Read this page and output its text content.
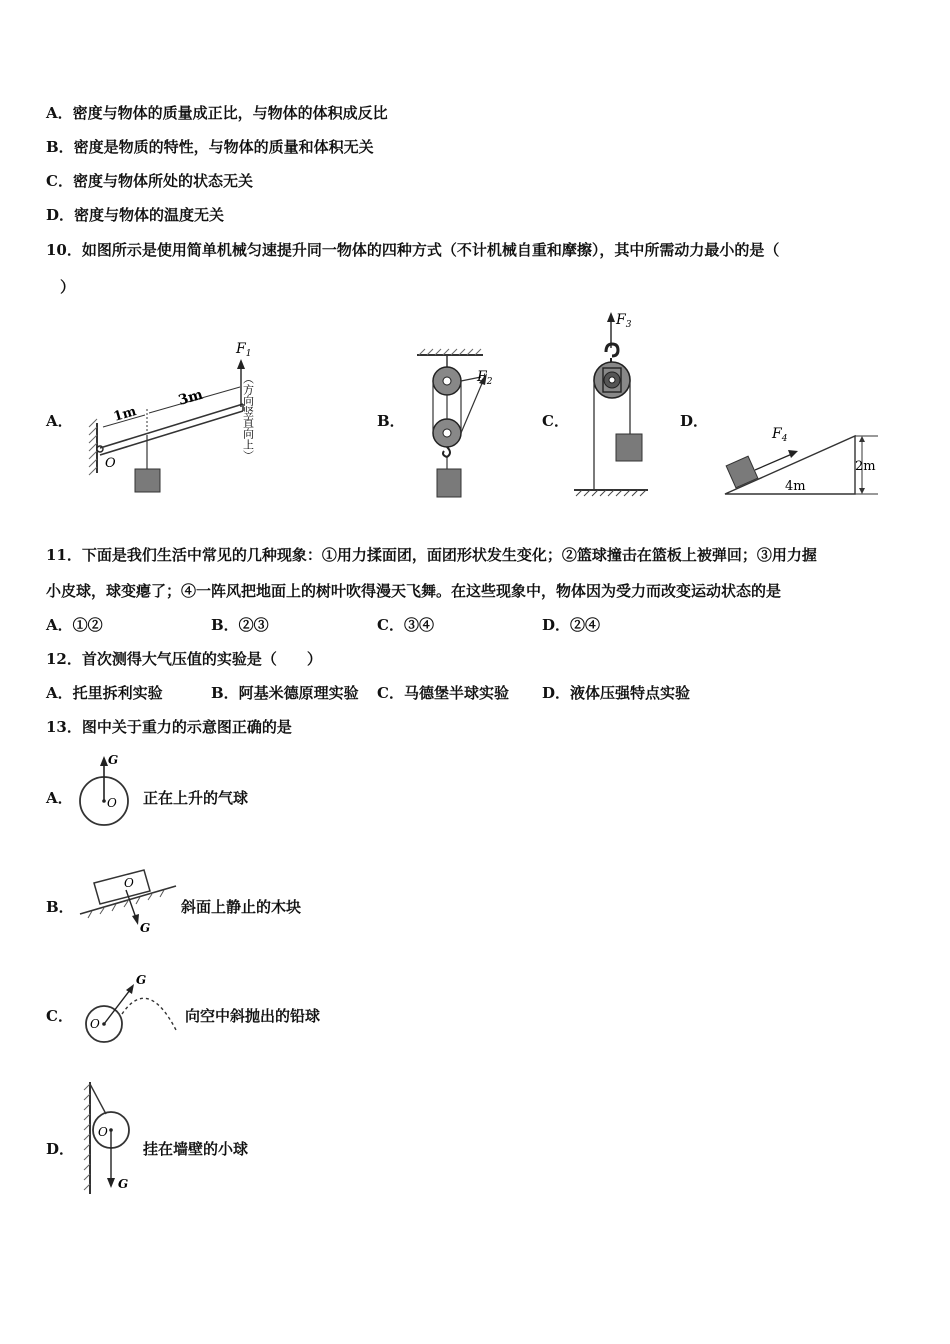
A．密度与物体的质量成正比，与物体的体积成反比
B．密度是物质的特性，与物体的质量和体积无关
C．密度与物体所处的状态无关
D．密度与物体的温度无关
10．如图所示是使用简单机械匀速提升同一物体的四种方式（不计机械自重和摩擦），其中所需动力最小的是（
）
A．	B．	C．	D．
1m
3m
O
$F_1$
（方向竖直向上）	$F_2$
$F_3$
$F_4$
2m
4m
11．下面是我们生活中常见的几种现象：①用力揉面团，面团形状发生变化；②篮球撞击在篮板上被弹回；③用力握
小皮球，球变瘪了；④一阵风把地面上的树叶吹得漫天飞舞。在这些现象中，物体因为受力而改变运动状态的是
A．①②	B．②③	C．③④	D．②④
12．首次测得大气压值的实验是（　　）
A．托里拆利实验	B．阿基米德原理实验 C．马德堡半球实验 D．液体压强特点实验
13．图中关于重力的示意图正确的是
A．
G
O 正在上升的气球
B．
O
G
斜面上静止的木块
C． O
G
向空中斜抛出的铅球
D．
O
G
挂在墙壁的小球
